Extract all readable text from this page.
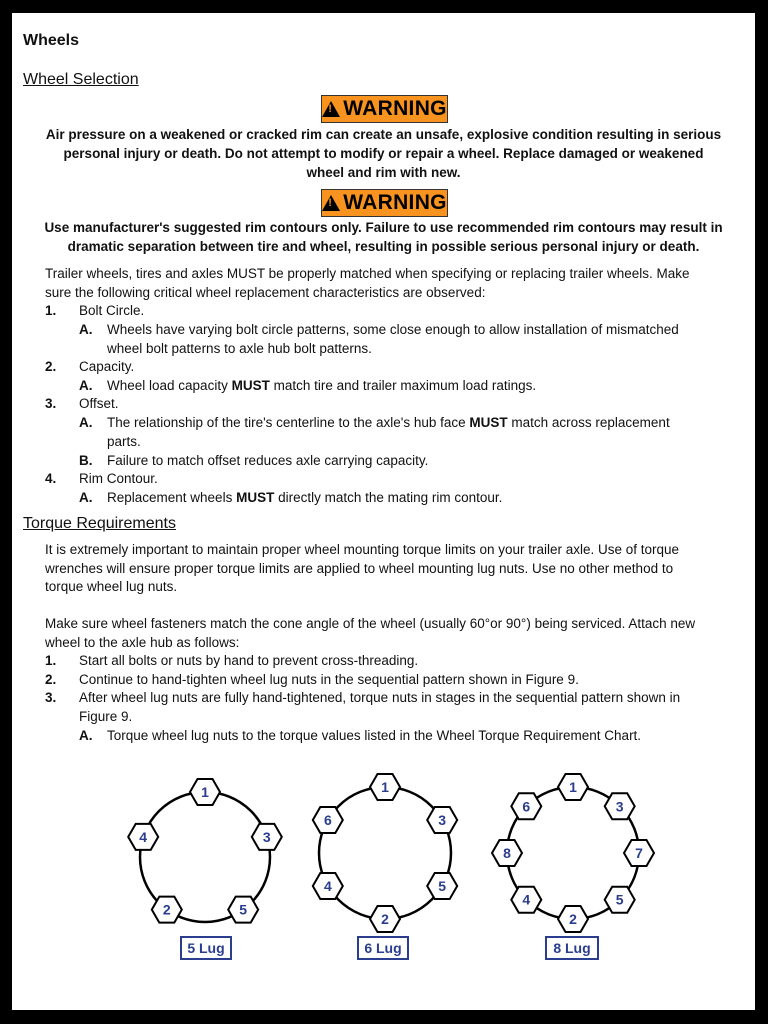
Wheels
Wheel Selection
!
WARNING
Air pressure on a weakened or cracked rim can create an unsafe, explosive condition resulting in serious
personal injury or death. Do not attempt to modify or repair a wheel. Replace damaged or weakened
wheel and rim with new.
!
WARNING
Use manufacturer's suggested rim contours only. Failure to use recommended rim contours may result in
dramatic separation between tire and wheel, resulting in possible serious personal injury or death.
Trailer wheels, tires and axles MUST be properly matched when specifying or replacing trailer wheels. Make
sure the following critical wheel replacement characteristics are observed:
1. Bolt Circle.
A. Wheels have varying bolt circle patterns, some close enough to allow installation of mismatched
wheel bolt patterns to axle hub bolt patterns.
2. Capacity.
A. Wheel load capacity MUST match tire and trailer maximum load ratings.
3. Offset.
A. The relationship of the tire's centerline to the axle's hub face MUST match across replacement
parts.
B. Failure to match offset reduces axle carrying capacity.
4. Rim Contour.
A. Replacement wheels MUST directly match the mating rim contour.
Torque Requirements
It is extremely important to maintain proper wheel mounting torque limits on your trailer axle. Use of torque
wrenches will ensure proper torque limits are applied to wheel mounting lug nuts. Use no other method to
torque wheel lug nuts.
Make sure wheel fasteners match the cone angle of the wheel (usually 60°or 90°) being serviced. Attach new
wheel to the axle hub as follows:
1. Start all bolts or nuts by hand to prevent cross-threading.
2. Continue to hand-tighten wheel lug nuts in the sequential pattern shown in Figure 9.
3. After wheel lug nuts are fully hand-tightened, torque nuts in stages in the sequential pattern shown in
Figure 9.
A. Torque wheel lug nuts to the torque values listed in the Wheel Torque Requirement Chart.
1
3
5
2
4
1
3
5
2
4
6
1
3
7
5
2
4
8
6
5 Lug	6 Lug	8 Lug
